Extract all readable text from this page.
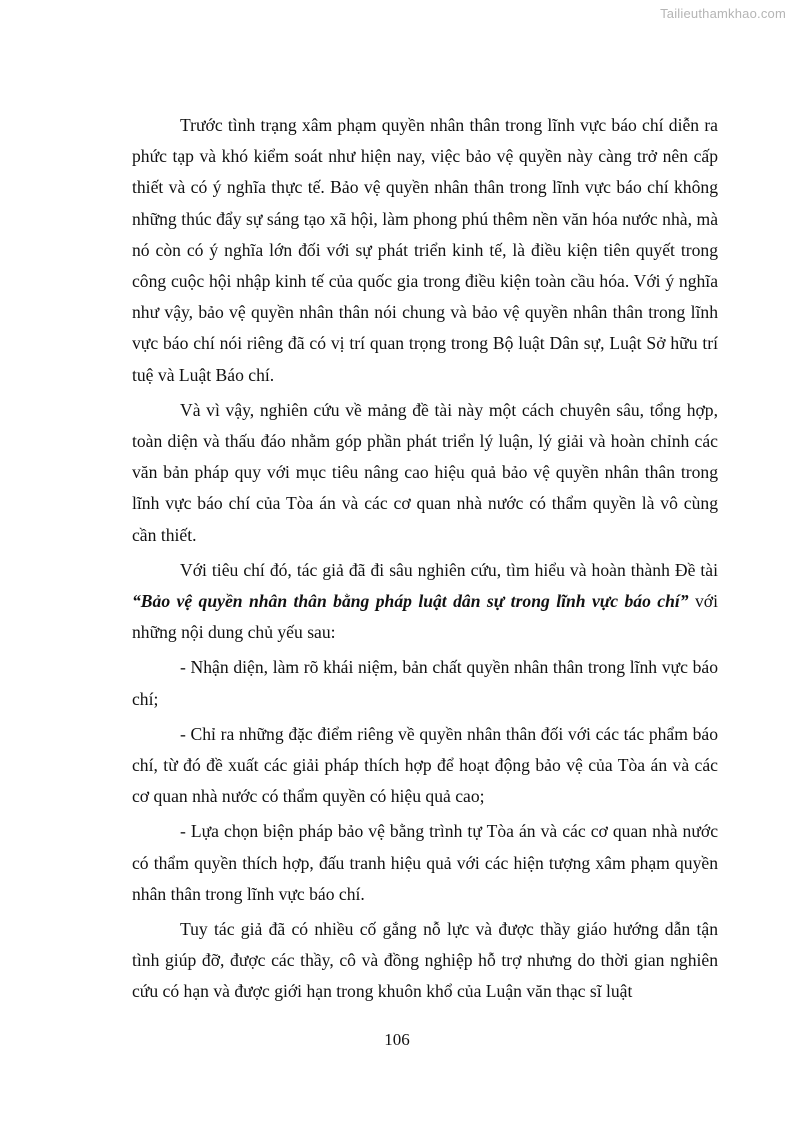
Tailieuthamkhao.com

Trước tình trạng xâm phạm quyền nhân thân trong lĩnh vực báo chí diễn ra phức tạp và khó kiểm soát như hiện nay, việc bảo vệ quyền này càng trở nên cấp thiết và có ý nghĩa thực tế. Bảo vệ quyền nhân thân trong lĩnh vực báo chí không những thúc đẩy sự sáng tạo xã hội, làm phong phú thêm nền văn hóa nước nhà, mà nó còn có ý nghĩa lớn đối với sự phát triển kinh tế, là điều kiện tiên quyết trong công cuộc hội nhập kinh tế của quốc gia trong điều kiện toàn cầu hóa. Với ý nghĩa như vậy, bảo vệ quyền nhân thân nói chung và bảo vệ quyền nhân thân trong lĩnh vực báo chí nói riêng đã có vị trí quan trọng trong Bộ luật Dân sự, Luật Sở hữu trí tuệ và Luật Báo chí.

Và vì vậy, nghiên cứu về mảng đề tài này một cách chuyên sâu, tổng hợp, toàn diện và thấu đáo nhằm góp phần phát triển lý luận, lý giải và hoàn chỉnh các văn bản pháp quy với mục tiêu nâng cao hiệu quả bảo vệ quyền nhân thân trong lĩnh vực báo chí của Tòa án và các cơ quan nhà nước có thẩm quyền là vô cùng cần thiết.

Với tiêu chí đó, tác giả đã đi sâu nghiên cứu, tìm hiểu và hoàn thành Đề tài “Bảo vệ quyền nhân thân bằng pháp luật dân sự trong lĩnh vực báo chí” với những nội dung chủ yếu sau:

- Nhận diện, làm rõ khái niệm, bản chất quyền nhân thân trong lĩnh vực báo chí;

- Chỉ ra những đặc điểm riêng về quyền nhân thân đối với các tác phẩm báo chí, từ đó đề xuất các giải pháp thích hợp để hoạt động bảo vệ của Tòa án và các cơ quan nhà nước có thẩm quyền có hiệu quả cao;

- Lựa chọn biện pháp bảo vệ bằng trình tự Tòa án và các cơ quan nhà nước có thẩm quyền thích hợp, đấu tranh hiệu quả với các hiện tượng xâm phạm quyền nhân thân trong lĩnh vực báo chí.

Tuy tác giả đã có nhiều cố gắng nỗ lực và được thầy giáo hướng dẫn tận tình giúp đỡ, được các thầy, cô và đồng nghiệp hỗ trợ nhưng do thời gian nghiên cứu có hạn và được giới hạn trong khuôn khổ của Luận văn thạc sĩ luật

106
